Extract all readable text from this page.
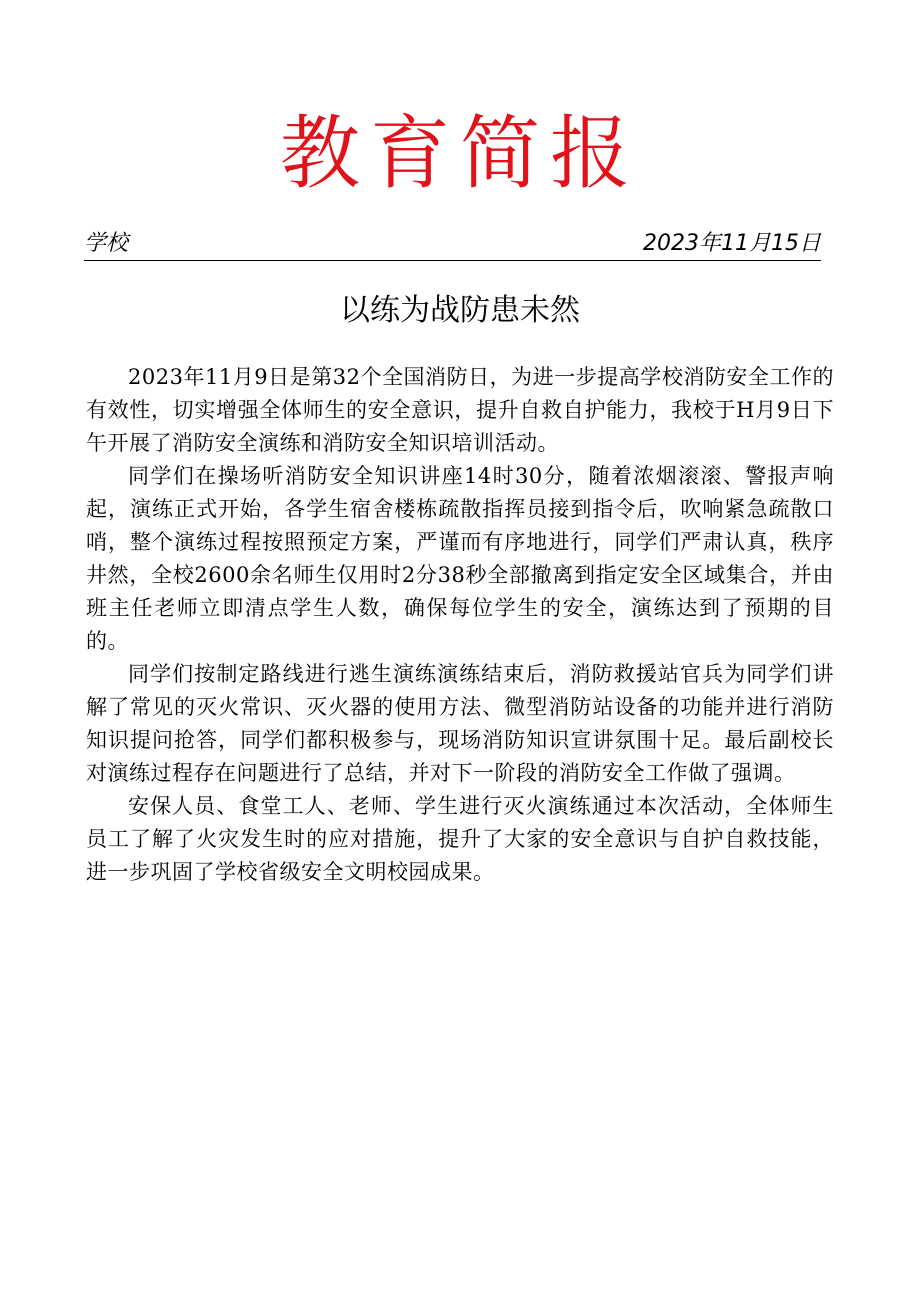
教育简报
学校	2023年11月15日
以练为战防患未然

2023年11月9日是第32个全国消防日，为进一步提高学校消防安全工作的有效性，切实增强全体师生的安全意识，提升自救自护能力，我校于H月9日下午开展了消防安全演练和消防安全知识培训活动。

同学们在操场听消防安全知识讲座14时30分，随着浓烟滚滚、警报声响起，演练正式开始，各学生宿舍楼栋疏散指挥员接到指令后，吹响紧急疏散口哨，整个演练过程按照预定方案，严谨而有序地进行，同学们严肃认真，秩序井然，全校2600余名师生仅用时2分38秒全部撤离到指定安全区域集合，并由班主任老师立即清点学生人数，确保每位学生的安全，演练达到了预期的目的。

同学们按制定路线进行逃生演练演练结束后，消防救援站官兵为同学们讲解了常见的灭火常识、灭火器的使用方法、微型消防站设备的功能并进行消防知识提问抢答，同学们都积极参与，现场消防知识宣讲氛围十足。最后副校长对演练过程存在问题进行了总结，并对下一阶段的消防安全工作做了强调。

安保人员、食堂工人、老师、学生进行灭火演练通过本次活动，全体师生员工了解了火灾发生时的应对措施，提升了大家的安全意识与自护自救技能，进一步巩固了学校省级安全文明校园成果。
